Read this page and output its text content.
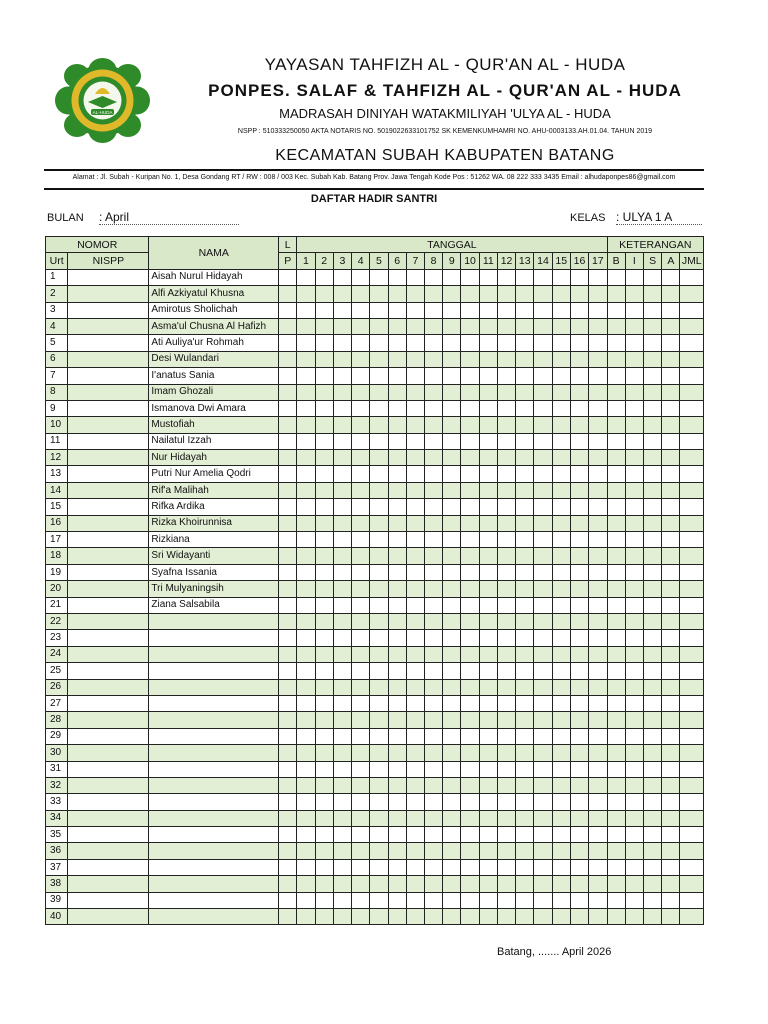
AL-HUDA
YAYASAN TAHFIZH AL - QUR'AN AL - HUDA
PONPES. SALAF & TAHFIZH AL - QUR'AN AL - HUDA
MADRASAH DINIYAH WATAKMILIYAH 'ULYA AL - HUDA
NSPP : 510333250050 AKTA NOTARIS NO. 5019022633101752 SK KEMENKUMHAMRI NO. AHU-0003133.AH.01.04. TAHUN 2019
KECAMATAN SUBAH KABUPATEN BATANG
Alamat : Jl. Subah - Kuripan No. 1, Desa Gondang RT / RW : 008 / 003 Kec. Subah Kab. Batang Prov. Jawa Tengah Kode Pos : 51262 WA. 08 222 333 3435 Email : alhudaponpes86@gmail.com
DAFTAR HADIR SANTRI
BULAN : April	KELAS : ULYA 1 A
NOMOR		NAMA	L	TANGGAL																	KETERANGAN				
Urt	NISPP		P	1	2	3	4	5	6	7	8	9	10	11	12	13	14	15	16	17	B	I	S	A	JML
1		Aisah Nurul Hidayah																							
2		Alfi Azkiyatul Khusna																							
3		Amirotus Sholichah																							
4		Asma'ul Chusna Al Hafizh																							
5		Ati Auliya'ur Rohmah																							
6		Desi Wulandari																							
7		I'anatus Sania																							
8		Imam Ghozali																							
9		Ismanova Dwi Amara																							
10		Mustofiah																							
11		Nailatul Izzah																							
12		Nur Hidayah																							
13		Putri Nur Amelia Qodri																							
14		Rif'a Malihah																							
15		Rifka Ardika																							
16		Rizka Khoirunnisa																							
17		Rizkiana																							
18		Sri Widayanti																							
19		Syafna Issania																							
20		Tri Mulyaningsih																							
21		Ziana Salsabila																							
22																									
23																									
24																									
25																									
26																									
27																									
28																									
29																									
30																									
31																									
32																									
33																									
34																									
35																									
36																									
37																									
38																									
39																									
40																									
Batang, ....... April 2026
